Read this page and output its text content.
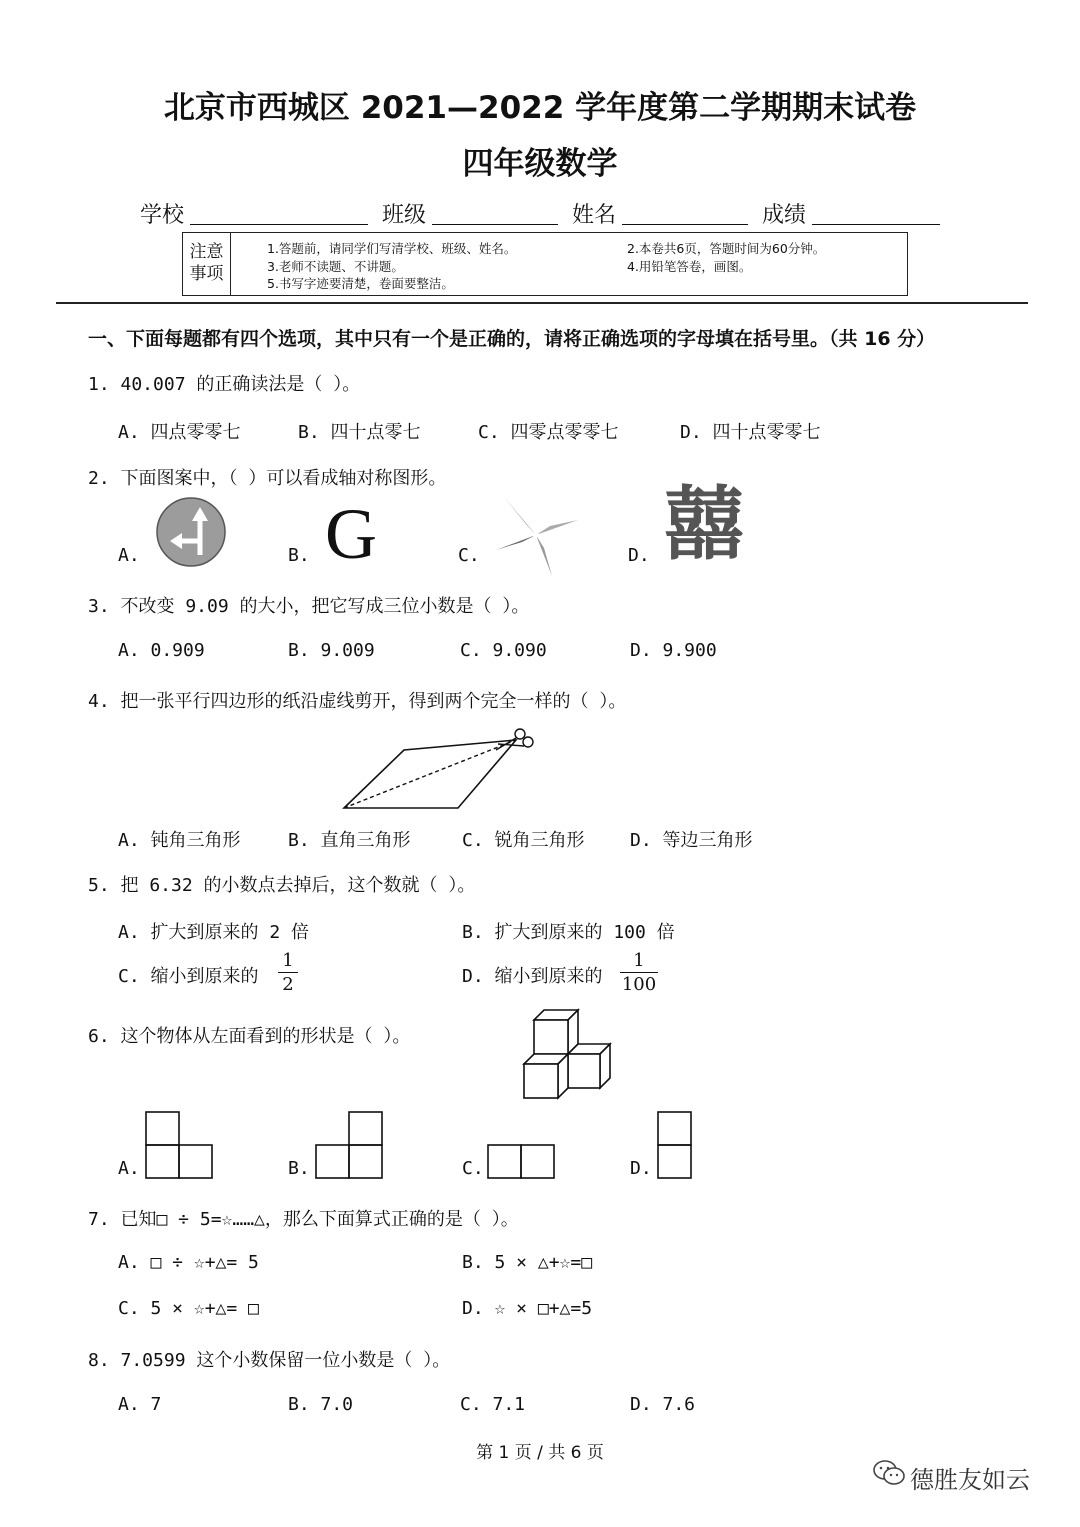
北京市西城区 2021—2022 学年度第二学期期末试卷
四年级数学
学校	班级	姓名	成绩
注意
事项
1.答题前，请同学们写清学校、班级、姓名。	2.本卷共6页，答题时间为60分钟。
3.老师不读题、不讲题。	4.用铅笔答卷，画图。
5.书写字迹要清楚，卷面要整洁。
一、下面每题都有四个选项，其中只有一个是正确的，请将正确选项的字母填在括号里。（共 16 分）
1. 40.007 的正确读法是（ ）。
A. 四点零零七	B. 四十点零七	C. 四零点零零七	D. 四十点零零七
2. 下面图案中，（ ）可以看成轴对称图形。
A.	B. G	C.	D. 囍
3. 不改变 9.09 的大小，把它写成三位小数是（ ）。
A. 0.909	B. 9.009	C. 9.090	D. 9.900
4. 把一张平行四边形的纸沿虚线剪开，得到两个完全一样的（ ）。
A. 钝角三角形	B. 直角三角形	C. 锐角三角形	D. 等边三角形
5. 把 6.32 的小数点去掉后，这个数就（ ）。
A. 扩大到原来的 2 倍	B. 扩大到原来的 100 倍
C. 缩小到原来的
1
2	D. 缩小到原来的
1
100
6. 这个物体从左面看到的形状是（ ）。
A.	B.	C.	D.
7. 已知□ ÷ 5=☆……△，那么下面算式正确的是（ ）。
A. □ ÷ ☆+△= 5	B. 5 × △+☆=□
C. 5 × ☆+△= □	D. ☆ × □+△=5
8. 7.0599 这个小数保留一位小数是（ ）。
A. 7	B. 7.0	C. 7.1	D. 7.6
第 1 页 / 共 6 页
德胜友如云
